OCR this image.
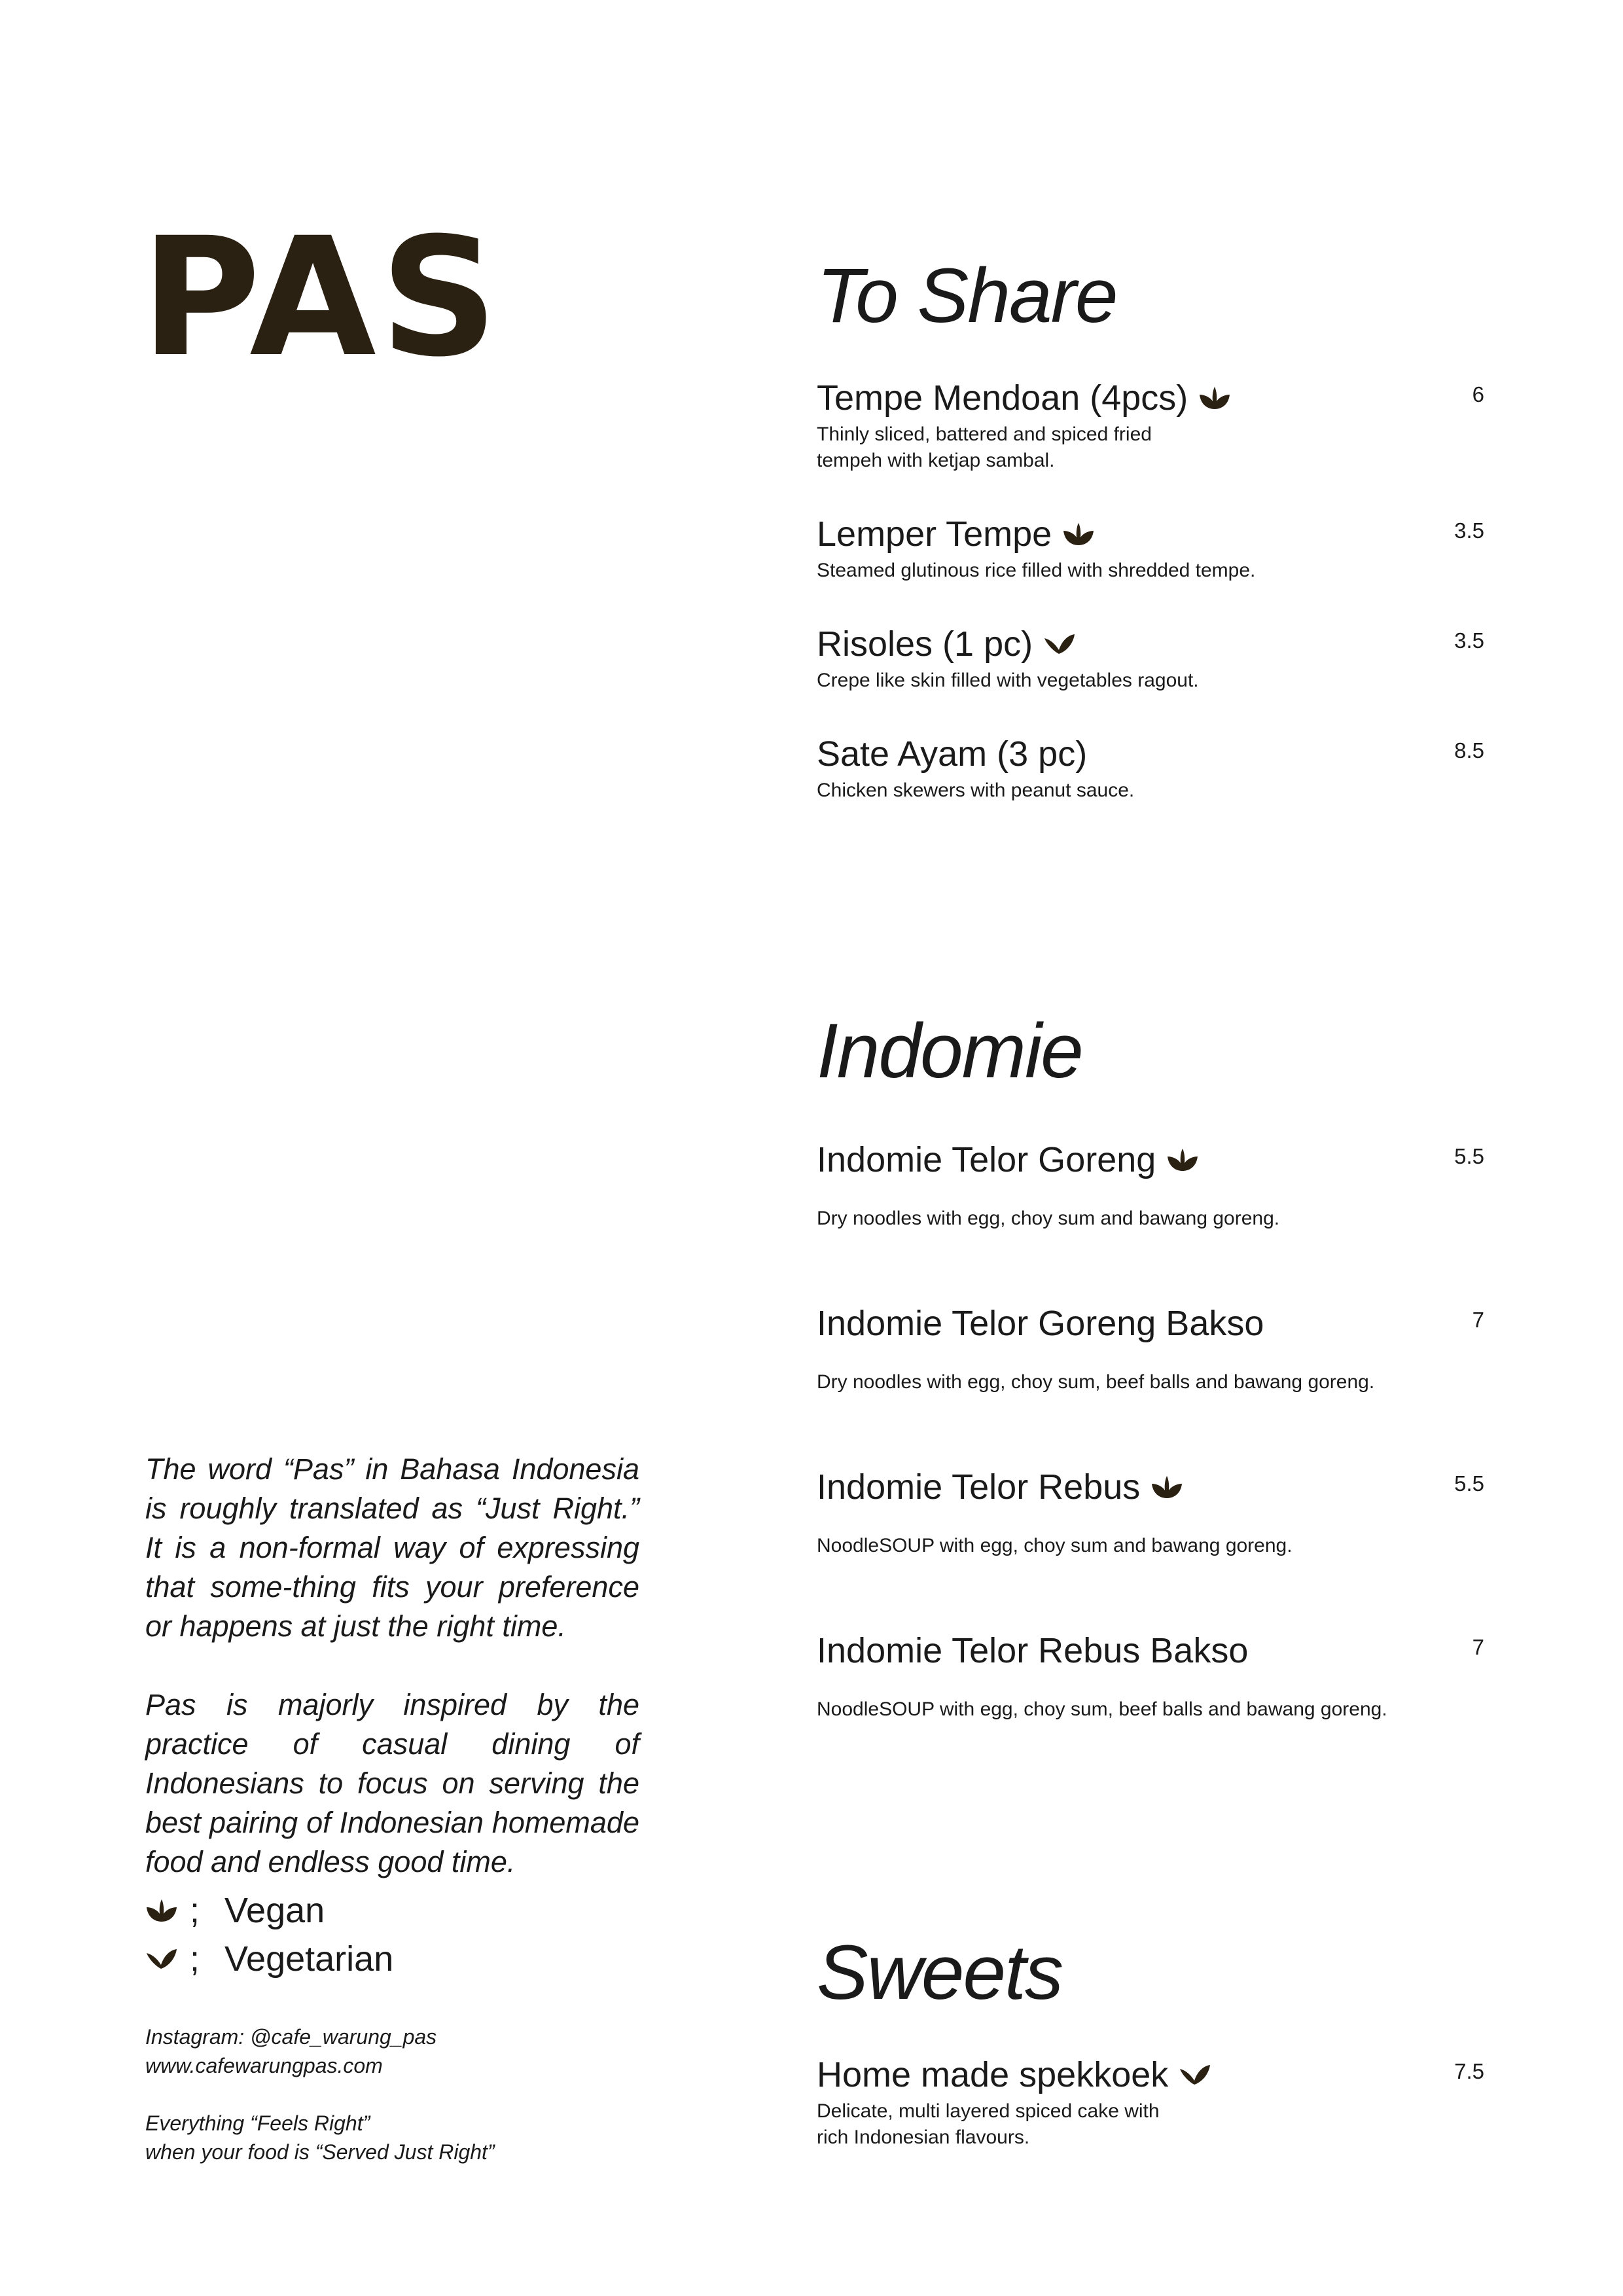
PAS

The word “Pas” in Bahasa Indonesia is roughly translated as “Just Right.” It is a non-formal way of expressing that some-thing fits your preference or happens at just the right time.

Pas is majorly inspired by the practice of casual dining of Indonesians to focus on serving the best pairing of Indonesian homemade food and endless good time.

; Vegan
; Vegetarian
Instagram: @cafe_warung_pas
www.cafewarungpas.com
Everything “Feels Right”
when your food is “Served Just Right”
To Share
Tempe Mendoan (4pcs)	6
Thinly sliced, battered and spiced fried tempeh with ketjap sambal.
Lemper Tempe	3.5
Steamed glutinous rice filled with shredded tempe.
Risoles (1 pc)	3.5
Crepe like skin filled with vegetables ragout.
Sate Ayam (3 pc)	8.5
Chicken skewers with peanut sauce.
Indomie
Indomie Telor Goreng	5.5
Dry noodles with egg, choy sum and bawang goreng.
Indomie Telor Goreng Bakso	7
Dry noodles with egg, choy sum, beef balls and bawang goreng.
Indomie Telor Rebus	5.5
NoodleSOUP with egg, choy sum and bawang goreng.
Indomie Telor Rebus Bakso	7
NoodleSOUP with egg, choy sum, beef balls and bawang goreng.
Sweets
Home made spekkoek	7.5
Delicate, multi layered spiced cake with rich Indonesian flavours.
